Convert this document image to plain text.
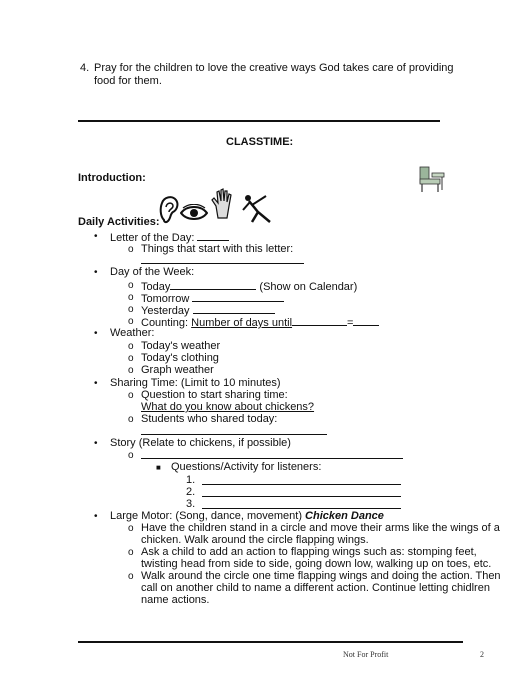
4. Pray for the children to love the creative ways God takes care of providing
food for them.
CLASSTIME:
Introduction:
Daily Activities:
• Letter of the Day:
o Things that start with this letter:
• Day of the Week:
o Today	(Show on Calendar)
o Tomorrow
o Yesterday
o Counting: Number of days until	=
• Weather:
o Today's weather
o Today's clothing
o Graph weather
• Sharing Time: (Limit to 10 minutes)
o Question to start sharing time:
What do you know about chickens?
o Students who shared today:
• Story (Relate to chickens, if possible)
o
■ Questions/Activity for listeners:
1.
2.
3.
• Large Motor: (Song, dance, movement) Chicken Dance
o Have the children stand in a circle and move their arms like the wings of a
chicken. Walk around the circle flapping wings.
o Ask a child to add an action to flapping wings such as: stomping feet,
twisting head from side to side, going down low, walking up on toes, etc.
o Walk around the circle one time flapping wings and doing the action. Then
call on another child to name a different action. Continue letting chidlren
name actions.
Not For Profit	2
